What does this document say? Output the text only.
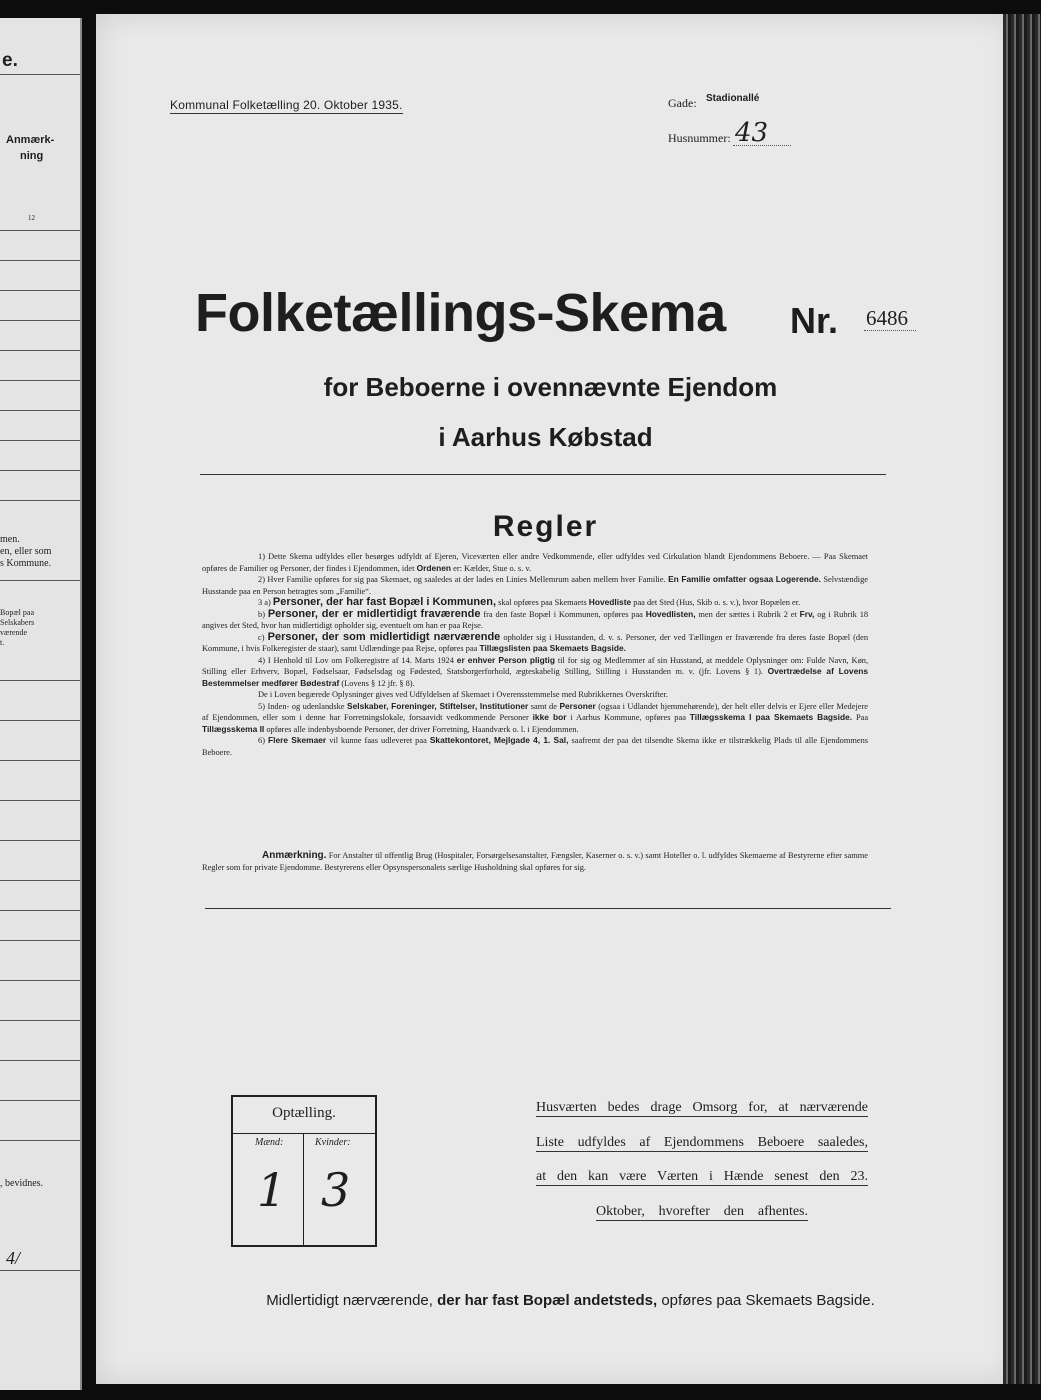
e.
Anmærk-
ning
12
men.
en, eller som
s Kommune.
Bopæl paa
Selskabers
værende
t.
, bevidnes.
4/
Kommunal Folketælling 20. Oktober 1935.	Gade: Stadionallé
Husnummer: 43
Folketællings-Skema Nr. 6486
for Beboerne i ovennævnte Ejendom
i Aarhus Købstad
Regler

1) Dette Skema udfyldes eller besørges udfyldt af Ejeren, Viceværten eller andre Vedkommende, eller udfyldes ved Cirkulation blandt Ejendommens Beboere. — Paa Skemaet opføres de Familier og Personer, der findes i Ejendommen, idet Ordenen er: Kælder, Stue o. s. v.

2) Hver Familie opføres for sig paa Skemaet, og saaledes at der lades en Linies Mellemrum aaben mellem hver Familie. En Familie omfatter ogsaa Logerende. Selvstændige Husstande paa en Person betragtes som „Familie“.

3 a) Personer, der har fast Bopæl i Kommunen, skal opføres paa Skemaets Hovedliste paa det Sted (Hus, Skib o. s. v.), hvor Bopælen er.

b) Personer, der er midlertidigt fraværende fra den faste Bopæl i Kommunen, opføres paa Hovedlisten, men der sættes i Rubrik 2 et Frv, og i Rubrik 18 angives det Sted, hvor han midlertidigt opholder sig, eventuelt om han er paa Rejse.

c) Personer, der som midlertidigt nærværende opholder sig i Husstanden, d. v. s. Personer, der ved Tællingen er fraværende fra deres faste Bopæl (den Kommune, i hvis Folkeregister de staar), samt Udlændinge paa Rejse, opføres paa Tillægslisten paa Skemaets Bagside.

4) I Henhold til Lov om Folkeregistre af 14. Marts 1924 er enhver Person pligtig til for sig og Medlemmer af sin Husstand, at meddele Oplysninger om: Fulde Navn, Køn, Stilling eller Erhverv, Bopæl, Fødselsaar, Fødselsdag og Fødested, Statsborgerforhold, ægteskabelig Stilling, Stilling i Husstanden m. v. (jfr. Lovens § 1). Overtrædelse af Lovens Bestemmelser medfører Bødestraf (Lovens § 12 jfr. § 8).

De i Loven begærede Oplysninger gives ved Udfyldelsen af Skemaet i Overensstemmelse med Rubrikkernes Overskrifter.

5) Inden- og udenlandske Selskaber, Foreninger, Stiftelser, Institutioner samt de Personer (ogsaa i Udlandet hjemmehørende), der helt eller delvis er Ejere eller Medejere af Ejendommen, eller som i denne har Forretningslokale, forsaavidt vedkommende Personer ikke bor i Aarhus Kommune, opføres paa Tillægsskema I paa Skemaets Bagside. Paa Tillægsskema II opføres alle indenbysboende Personer, der driver Forretning, Haandværk o. l. i Ejendommen.

6) Flere Skemaer vil kunne faas udleveret paa Skattekontoret, Mejlgade 4, 1. Sal, saafremt der paa det tilsendte Skema ikke er tilstrækkelig Plads til alle Ejendommens Beboere.

Anmærkning. For Anstalter til offentlig Brug (Hospitaler, Forsørgelsesanstalter, Fængsler, Kaserner o. s. v.) samt Hoteller o. l. udfyldes Skemaerne af Bestyrerne efter samme Regler som for private Ejendomme. Bestyrerens eller Opsynspersonalets særlige Husholdning skal opføres for sig.

Optælling.
Mænd:	Kvinder:
1 3
Husværten bedes drage Omsorg for, at nærværende
Liste udfyldes af Ejendommens Beboere saaledes,
at den kan være Værten i Hænde senest den 23.
Oktober, hvorefter den afhentes.
Midlertidigt nærværende, der har fast Bopæl andetsteds, opføres paa Skemaets Bagside.
